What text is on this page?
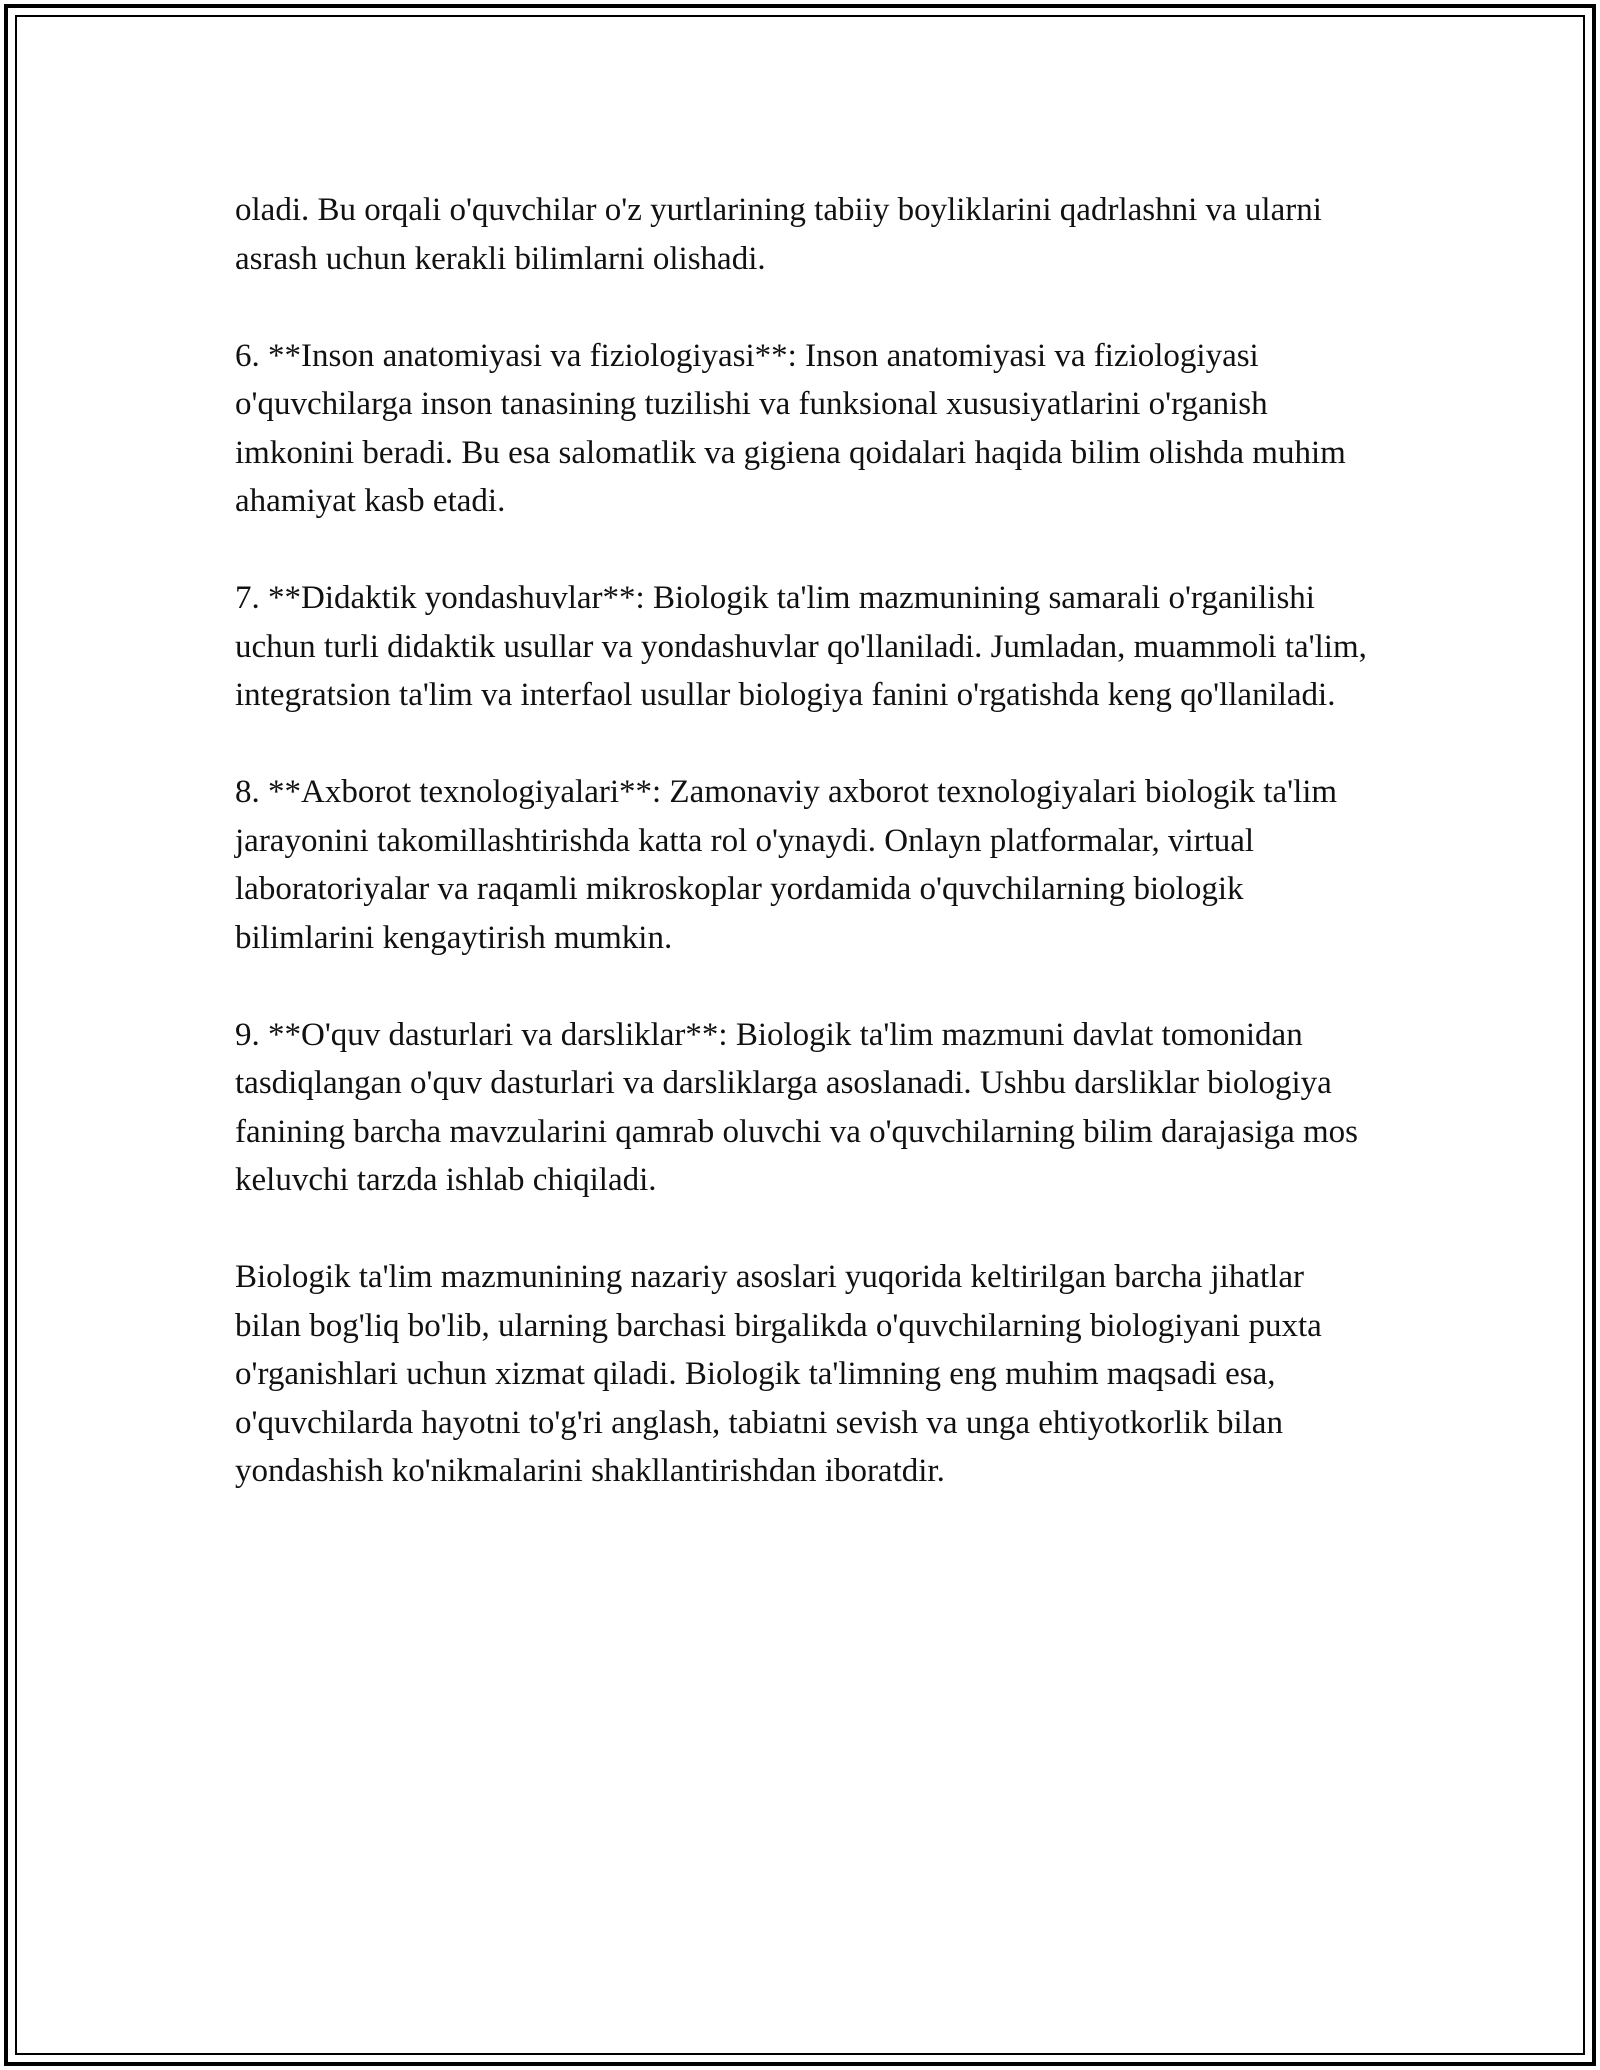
oladi. Bu orqali o'quvchilar o'z yurtlarining tabiiy boyliklarini qadrlashni va ularni asrash uchun kerakli bilimlarni olishadi.

6. **Inson anatomiyasi va fiziologiyasi**: Inson anatomiyasi va fiziologiyasi o'quvchilarga inson tanasining tuzilishi va funksional xususiyatlarini o'rganish imkonini beradi. Bu esa salomatlik va gigiena qoidalari haqida bilim olishda muhim ahamiyat kasb etadi.

7. **Didaktik yondashuvlar**: Biologik ta'lim mazmunining samarali o'rganilishi uchun turli didaktik usullar va yondashuvlar qo'llaniladi. Jumladan, muammoli ta'lim, integratsion ta'lim va interfaol usullar biologiya fanini o'rgatishda keng qo'llaniladi.

8. **Axborot texnologiyalari**: Zamonaviy axborot texnologiyalari biologik ta'lim jarayonini takomillashtirishda katta rol o'ynaydi. Onlayn platformalar, virtual laboratoriyalar va raqamli mikroskoplar yordamida o'quvchilarning biologik bilimlarini kengaytirish mumkin.

9. **O'quv dasturlari va darsliklar**: Biologik ta'lim mazmuni davlat tomonidan tasdiqlangan o'quv dasturlari va darsliklarga asoslanadi. Ushbu darsliklar biologiya fanining barcha mavzularini qamrab oluvchi va o'quvchilarning bilim darajasiga mos keluvchi tarzda ishlab chiqiladi.

Biologik ta'lim mazmunining nazariy asoslari yuqorida keltirilgan barcha jihatlar bilan bog'liq bo'lib, ularning barchasi birgalikda o'quvchilarning biologiyani puxta o'rganishlari uchun xizmat qiladi. Biologik ta'limning eng muhim maqsadi esa, o'quvchilarda hayotni to'g'ri anglash, tabiatni sevish va unga ehtiyotkorlik bilan yondashish ko'nikmalarini shakllantirishdan iboratdir.
